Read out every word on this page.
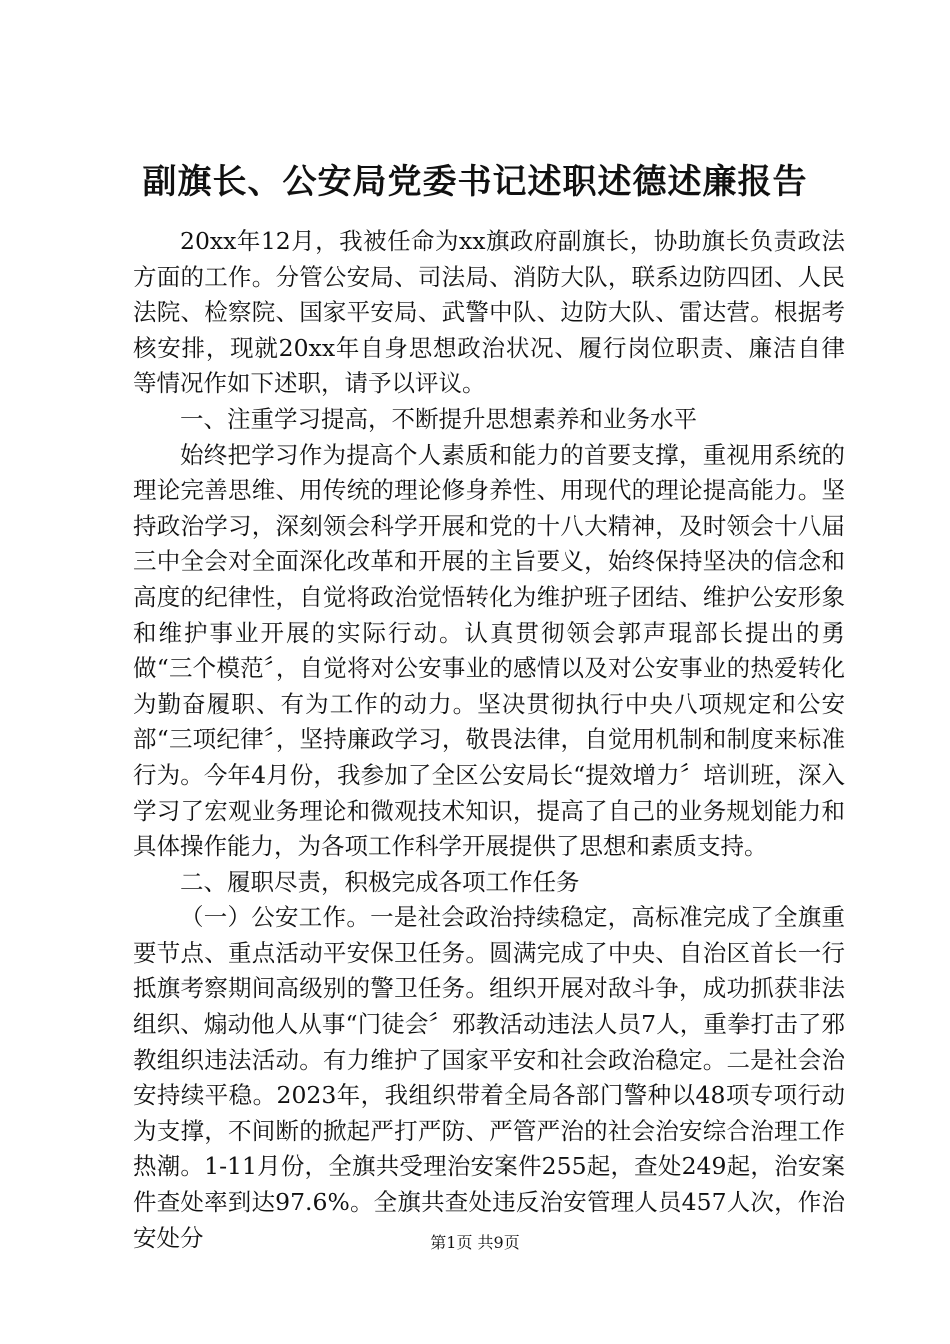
副旗长、公安局党委书记述职述德述廉报告

20xx年12月，我被任命为xx旗政府副旗长，协助旗长负责政法方面的工作。分管公安局、司法局、消防大队，联系边防四团、人民法院、检察院、国家平安局、武警中队、边防大队、雷达营。根据考核安排，现就20xx年自身思想政治状况、履行岗位职责、廉洁自律等情况作如下述职，请予以评议。

一、注重学习提高，不断提升思想素养和业务水平

始终把学习作为提高个人素质和能力的首要支撑，重视用系统的理论完善思维、用传统的理论修身养性、用现代的理论提高能力。坚持政治学习，深刻领会科学开展和党的十八大精神，及时领会十八届三中全会对全面深化改革和开展的主旨要义，始终保持坚决的信念和高度的纪律性，自觉将政治觉悟转化为维护班子团结、维护公安形象和维护事业开展的实际行动。认真贯彻领会郭声琨部长提出的勇做“三个模范〞，自觉将对公安事业的感情以及对公安事业的热爱转化为勤奋履职、有为工作的动力。坚决贯彻执行中央八项规定和公安部“三项纪律〞，坚持廉政学习，敬畏法律，自觉用机制和制度来标准行为。今年4月份，我参加了全区公安局长“提效增力〞培训班，深入学习了宏观业务理论和微观技术知识，提高了自己的业务规划能力和具体操作能力，为各项工作科学开展提供了思想和素质支持。

二、履职尽责，积极完成各项工作任务

（一）公安工作。一是社会政治持续稳定，高标准完成了全旗重要节点、重点活动平安保卫任务。圆满完成了中央、自治区首长一行抵旗考察期间高级别的警卫任务。组织开展对敌斗争，成功抓获非法组织、煽动他人从事“门徒会〞邪教活动违法人员7人，重拳打击了邪教组织违法活动。有力维护了国家平安和社会政治稳定。二是社会治安持续平稳。2023年，我组织带着全局各部门警种以48项专项行动为支撑，不间断的掀起严打严防、严管严治的社会治安综合治理工作热潮。1-11月份，全旗共受理治安案件255起，查处249起，治安案件查处率到达97.6%。全旗共查处违反治安管理人员457人次，作治安处分	第1页 共9页
